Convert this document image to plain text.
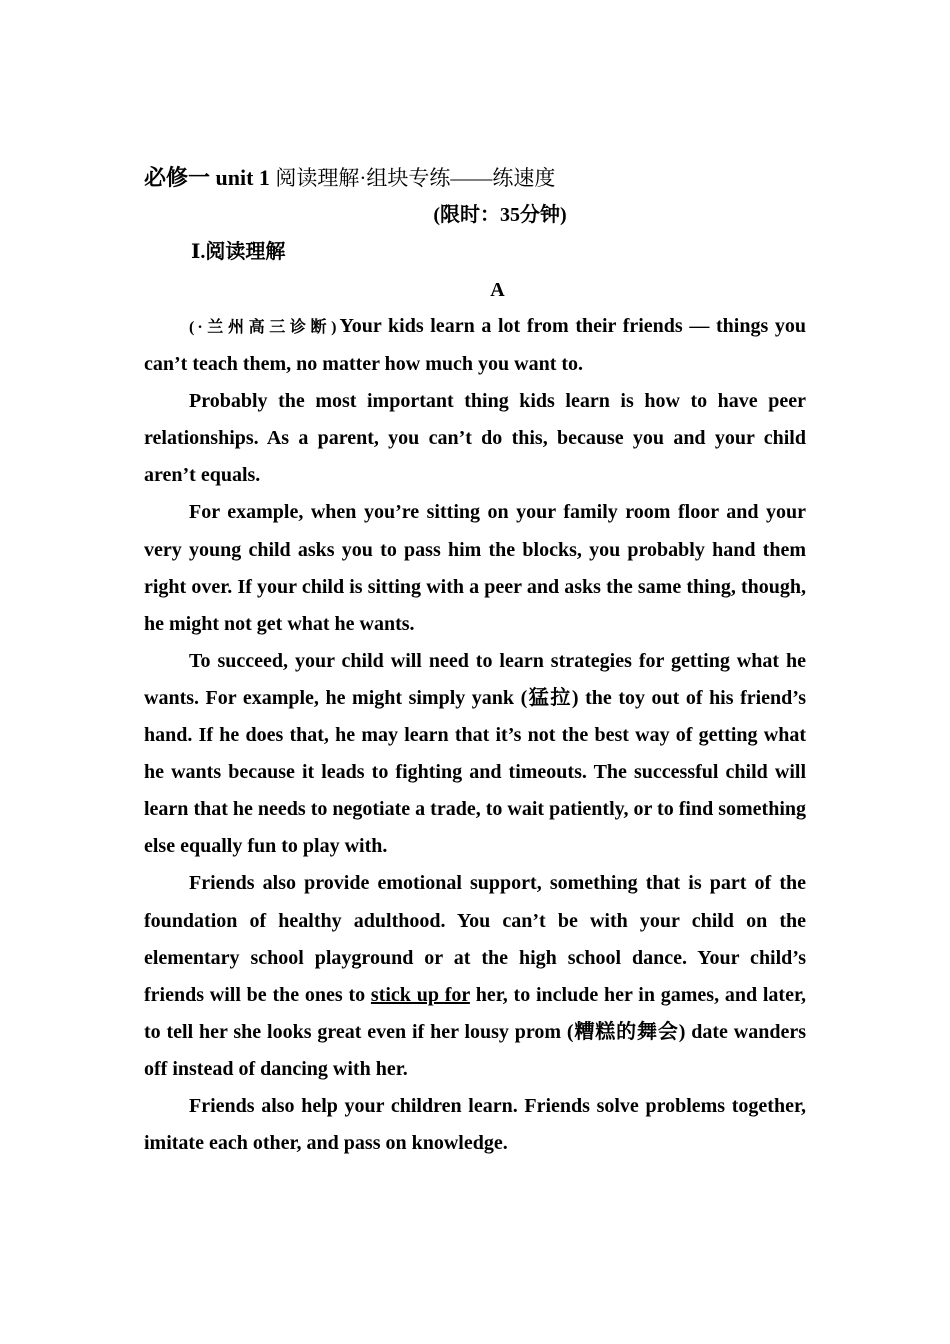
必修一 unit 1 阅读理解·组块专练——练速度
(限时：35分钟)
Ⅰ.阅读理解
A

(·兰州高三诊断)Your kids learn a lot from their friends — things you can’t teach them, no matter how much you want to.

Probably the most important thing kids learn is how to have peer relationships. As a parent, you can’t do this, because you and your child aren’t equals.

For example, when you’re sitting on your family room floor and your very young child asks you to pass him the blocks, you probably hand them right over. If your child is sitting with a peer and asks the same thing, though, he might not get what he wants.

To succeed, your child will need to learn strategies for getting what he wants. For example, he might simply yank (猛拉) the toy out of his friend’s hand. If he does that, he may learn that it’s not the best way of getting what he wants because it leads to fighting and timeouts. The successful child will learn that he needs to negotiate a trade, to wait patiently, or to find something else equally fun to play with.

Friends also provide emotional support, something that is part of the foundation of healthy adulthood. You can’t be with your child on the elementary school playground or at the high school dance. Your child’s friends will be the ones to stick up for her, to include her in games, and later, to tell her she looks great even if her lousy prom (糟糕的舞会) date wanders off instead of dancing with her.

Friends also help your children learn. Friends solve problems together, imitate each other, and pass on knowledge.
